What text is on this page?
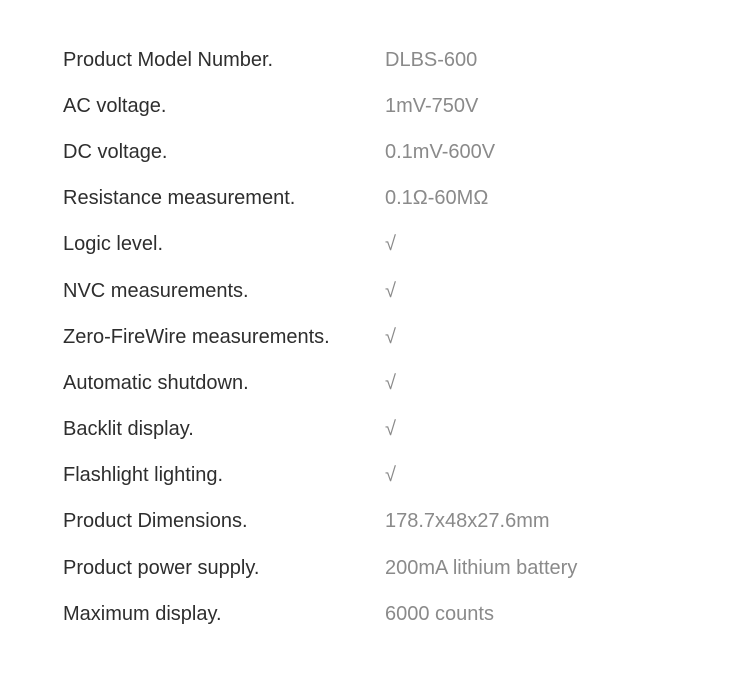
Product Model Number.	DLBS-600
AC voltage.	1mV-750V
DC voltage.	0.1mV-600V
Resistance measurement.	0.1Ω-60MΩ
Logic level.	√
NVC measurements.	√
Zero-FireWire measurements.	√
Automatic shutdown.	√
Backlit display.	√
Flashlight lighting.	√
Product Dimensions.	178.7x48x27.6mm
Product power supply.	200mA lithium battery
Maximum display.	6000 counts
